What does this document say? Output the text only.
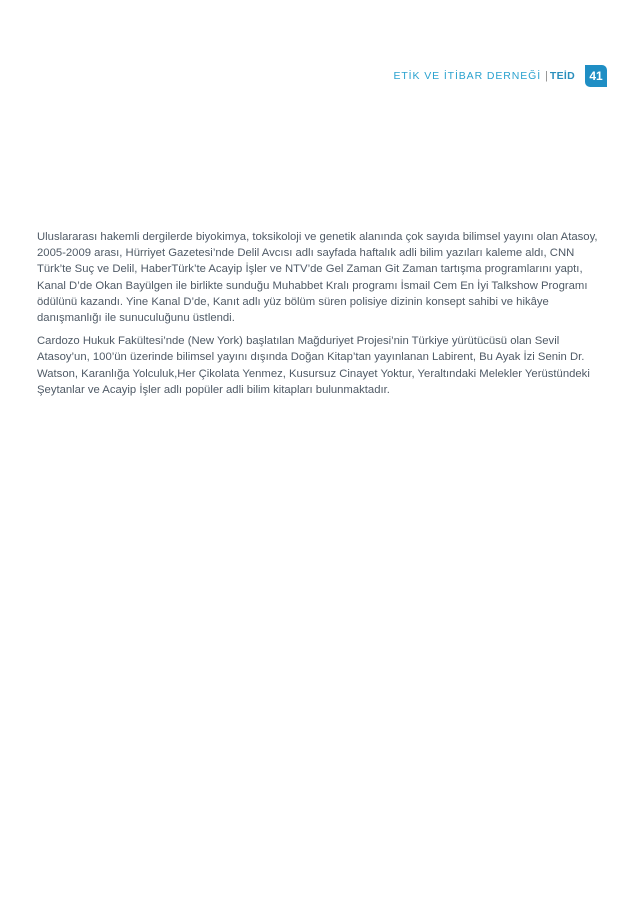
ETİK VE İTİBAR DERNEĞİ | TEİD 41

Uluslararası hakemli dergilerde biyokimya, toksikoloji ve genetik alanında çok sayıda bilimsel yayını olan Atasoy, 2005-2009 arası, Hürriyet Gazetesi’nde Delil Avcısı adlı sayfada haftalık adli bilim yazıları kaleme aldı, CNN Türk’te Suç ve Delil, HaberTürk’te Acayip İşler ve NTV’de Gel Zaman Git Zaman tartışma programlarını yaptı, Kanal D’de Okan Bayülgen ile birlikte sunduğu Muhabbet Kralı programı İsmail Cem En İyi Talkshow Programı ödülünü kazandı. Yine Kanal D’de, Kanıt adlı yüz bölüm süren polisiye dizinin konsept sahibi ve hikâye danışmanlığı ile sunuculuğunu üstlendi.

Cardozo Hukuk Fakültesi’nde (New York) başlatılan Mağduriyet Projesi’nin Türkiye yürütücüsü olan Sevil Atasoy’un, 100’ün üzerinde bilimsel yayını dışında Doğan Kitap’tan yayınlanan Labirent, Bu Ayak İzi Senin Dr. Watson, Karanlığa Yolculuk,Her Çikolata Yenmez, Kusursuz Cinayet Yoktur, Yeraltındaki Melekler Yerüstündeki Şeytanlar ve Acayip İşler adlı popüler adli bilim kitapları bulunmaktadır.
